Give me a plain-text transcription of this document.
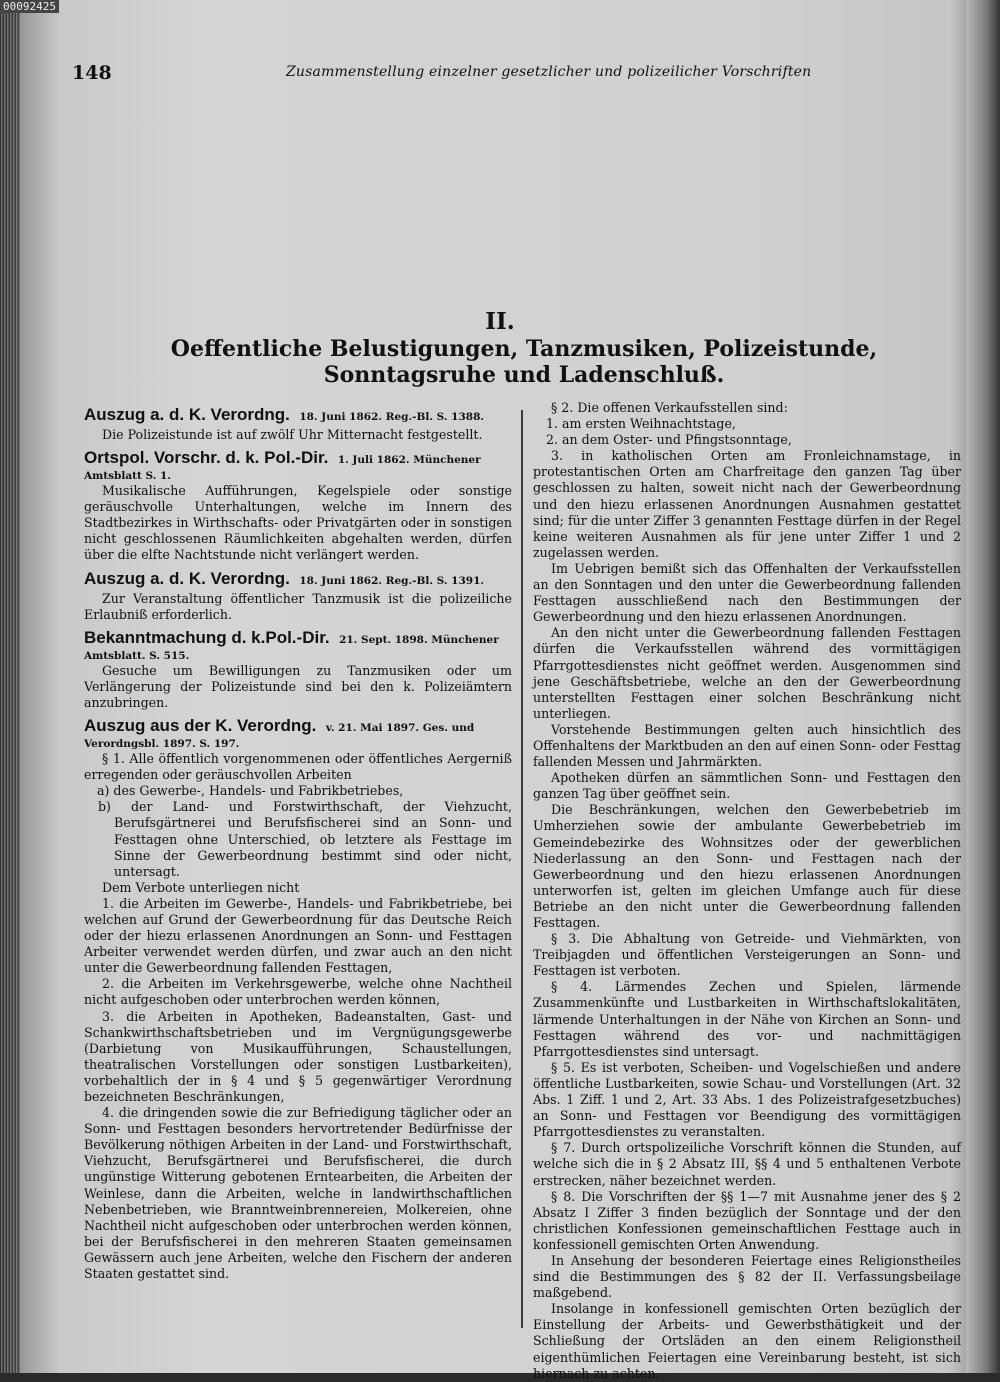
00092425
148	Zusammenstellung einzelner gesetzlicher und polizeilicher Vorschriften
II.
Oeffentliche Belustigungen, Tanzmusiken, Polizeistunde, Sonntagsruhe und Ladenschluß.

Auszug a. d. K. Verordng. 18. Juni 1862. Reg.-Bl. S. 1388.

Die Polizeistunde ist auf zwölf Uhr Mitternacht festgestellt.

Ortspol. Vorschr. d. k. Pol.-Dir. 1. Juli 1862. Münchener

Amtsblatt S. 1.

Musikalische Aufführungen, Kegelspiele oder sonstige geräuschvolle Unterhaltungen, welche im Innern des Stadtbezirkes in Wirthschafts- oder Privatgärten oder in sonstigen nicht geschlossenen Räumlichkeiten abgehalten werden, dürfen über die elfte Nachtstunde nicht verlängert werden.

Auszug a. d. K. Verordng. 18. Juni 1862. Reg.-Bl. S. 1391.

Zur Veranstaltung öffentlicher Tanzmusik ist die polizeiliche Erlaubniß erforderlich.

Bekanntmachung d. k.Pol.-Dir. 21. Sept. 1898. Münchener

Amtsblatt. S. 515.

Gesuche um Bewilligungen zu Tanzmusiken oder um Verlängerung der Polizeistunde sind bei den k. Polizeiämtern anzubringen.

Auszug aus der K. Verordng. v. 21. Mai 1897. Ges. und

Verordngsbl. 1897. S. 197.

§ 1. Alle öffentlich vorgenommenen oder öffentliches Aergerniß erregenden oder geräuschvollen Arbeiten

a) des Gewerbe-, Handels- und Fabrikbetriebes,

b) der Land- und Forstwirthschaft, der Viehzucht, Berufsgärtnerei und Berufsfischerei sind an Sonn- und Festtagen ohne Unterschied, ob letztere als Festtage im Sinne der Gewerbeordnung bestimmt sind oder nicht, untersagt.

Dem Verbote unterliegen nicht

1. die Arbeiten im Gewerbe-, Handels- und Fabrikbetriebe, bei welchen auf Grund der Gewerbeordnung für das Deutsche Reich oder der hiezu erlassenen Anordnungen an Sonn- und Festtagen Arbeiter verwendet werden dürfen, und zwar auch an den nicht unter die Gewerbeordnung fallenden Festtagen,

2. die Arbeiten im Verkehrsgewerbe, welche ohne Nachtheil nicht aufgeschoben oder unterbrochen werden können,

3. die Arbeiten in Apotheken, Badeanstalten, Gast- und Schankwirthschaftsbetrieben und im Vergnügungsgewerbe (Darbietung von Musikaufführungen, Schaustellungen, theatralischen Vorstellungen oder sonstigen Lustbarkeiten), vorbehaltlich der in § 4 und § 5 gegenwärtiger Verordnung bezeichneten Beschränkungen,

4. die dringenden sowie die zur Befriedigung täglicher oder an Sonn- und Festtagen besonders hervortretender Bedürfnisse der Bevölkerung nöthigen Arbeiten in der Land- und Forstwirthschaft, Viehzucht, Berufsgärtnerei und Berufsfischerei, die durch ungünstige Witterung gebotenen Erntearbeiten, die Arbeiten der Weinlese, dann die Arbeiten, welche in landwirthschaftlichen Nebenbetrieben, wie Branntweinbrennereien, Molkereien, ohne Nachtheil nicht aufgeschoben oder unterbrochen werden können, bei der Berufsfischerei in den mehreren Staaten gemeinsamen Gewässern auch jene Arbeiten, welche den Fischern der anderen Staaten gestattet sind.

§ 2. Die offenen Verkaufsstellen sind:

1. am ersten Weihnachtstage,

2. an dem Oster- und Pfingstsonntage,

3. in katholischen Orten am Fronleichnamstage, in protestantischen Orten am Charfreitage den ganzen Tag über geschlossen zu halten, soweit nicht nach der Gewerbeordnung und den hiezu erlassenen Anordnungen Ausnahmen gestattet sind; für die unter Ziffer 3 genannten Festtage dürfen in der Regel keine weiteren Ausnahmen als für jene unter Ziffer 1 und 2 zugelassen werden.

Im Uebrigen bemißt sich das Offenhalten der Verkaufsstellen an den Sonntagen und den unter die Gewerbeordnung fallenden Festtagen ausschließend nach den Bestimmungen der Gewerbeordnung und den hiezu erlassenen Anordnungen.

An den nicht unter die Gewerbeordnung fallenden Festtagen dürfen die Verkaufsstellen während des vormittägigen Pfarrgottesdienstes nicht geöffnet werden. Ausgenommen sind jene Geschäftsbetriebe, welche an den der Gewerbeordnung unterstellten Festtagen einer solchen Beschränkung nicht unterliegen.

Vorstehende Bestimmungen gelten auch hinsichtlich des Offenhaltens der Marktbuden an den auf einen Sonn- oder Festtag fallenden Messen und Jahrmärkten.

Apotheken dürfen an sämmtlichen Sonn- und Festtagen den ganzen Tag über geöffnet sein.

Die Beschränkungen, welchen den Gewerbebetrieb im Umherziehen sowie der ambulante Gewerbebetrieb im Gemeindebezirke des Wohnsitzes oder der gewerblichen Niederlassung an den Sonn- und Festtagen nach der Gewerbeordnung und den hiezu erlassenen Anordnungen unterworfen ist, gelten im gleichen Umfange auch für diese Betriebe an den nicht unter die Gewerbeordnung fallenden Festtagen.

§ 3. Die Abhaltung von Getreide- und Viehmärkten, von Treibjagden und öffentlichen Versteigerungen an Sonn- und Festtagen ist verboten.

§ 4. Lärmendes Zechen und Spielen, lärmende Zusammenkünfte und Lustbarkeiten in Wirthschaftslokalitäten, lärmende Unterhaltungen in der Nähe von Kirchen an Sonn- und Festtagen während des vor- und nachmittägigen Pfarrgottesdienstes sind untersagt.

§ 5. Es ist verboten, Scheiben- und Vogelschießen und andere öffentliche Lustbarkeiten, sowie Schau- und Vorstellungen (Art. 32 Abs. 1 Ziff. 1 und 2, Art. 33 Abs. 1 des Polizeistrafgesetzbuches) an Sonn- und Festtagen vor Beendigung des vormittägigen Pfarrgottesdienstes zu veranstalten.

§ 7. Durch ortspolizeiliche Vorschrift können die Stunden, auf welche sich die in § 2 Absatz III, §§ 4 und 5 enthaltenen Verbote erstrecken, näher bezeichnet werden.

§ 8. Die Vorschriften der §§ 1—7 mit Ausnahme jener des § 2 Absatz I Ziffer 3 finden bezüglich der Sonntage und der den christlichen Konfessionen gemeinschaftlichen Festtage auch in konfessionell gemischten Orten Anwendung.

In Ansehung der besonderen Feiertage eines Religionstheiles sind die Bestimmungen des § 82 der II. Verfassungsbeilage maßgebend.

Insolange in konfessionell gemischten Orten bezüglich der Einstellung der Arbeits- und Gewerbsthätigkeit und der Schließung der Ortsläden an den einem Religionstheil eigenthümlichen Feiertagen eine Vereinbarung besteht, ist sich hiernach zu achten.
